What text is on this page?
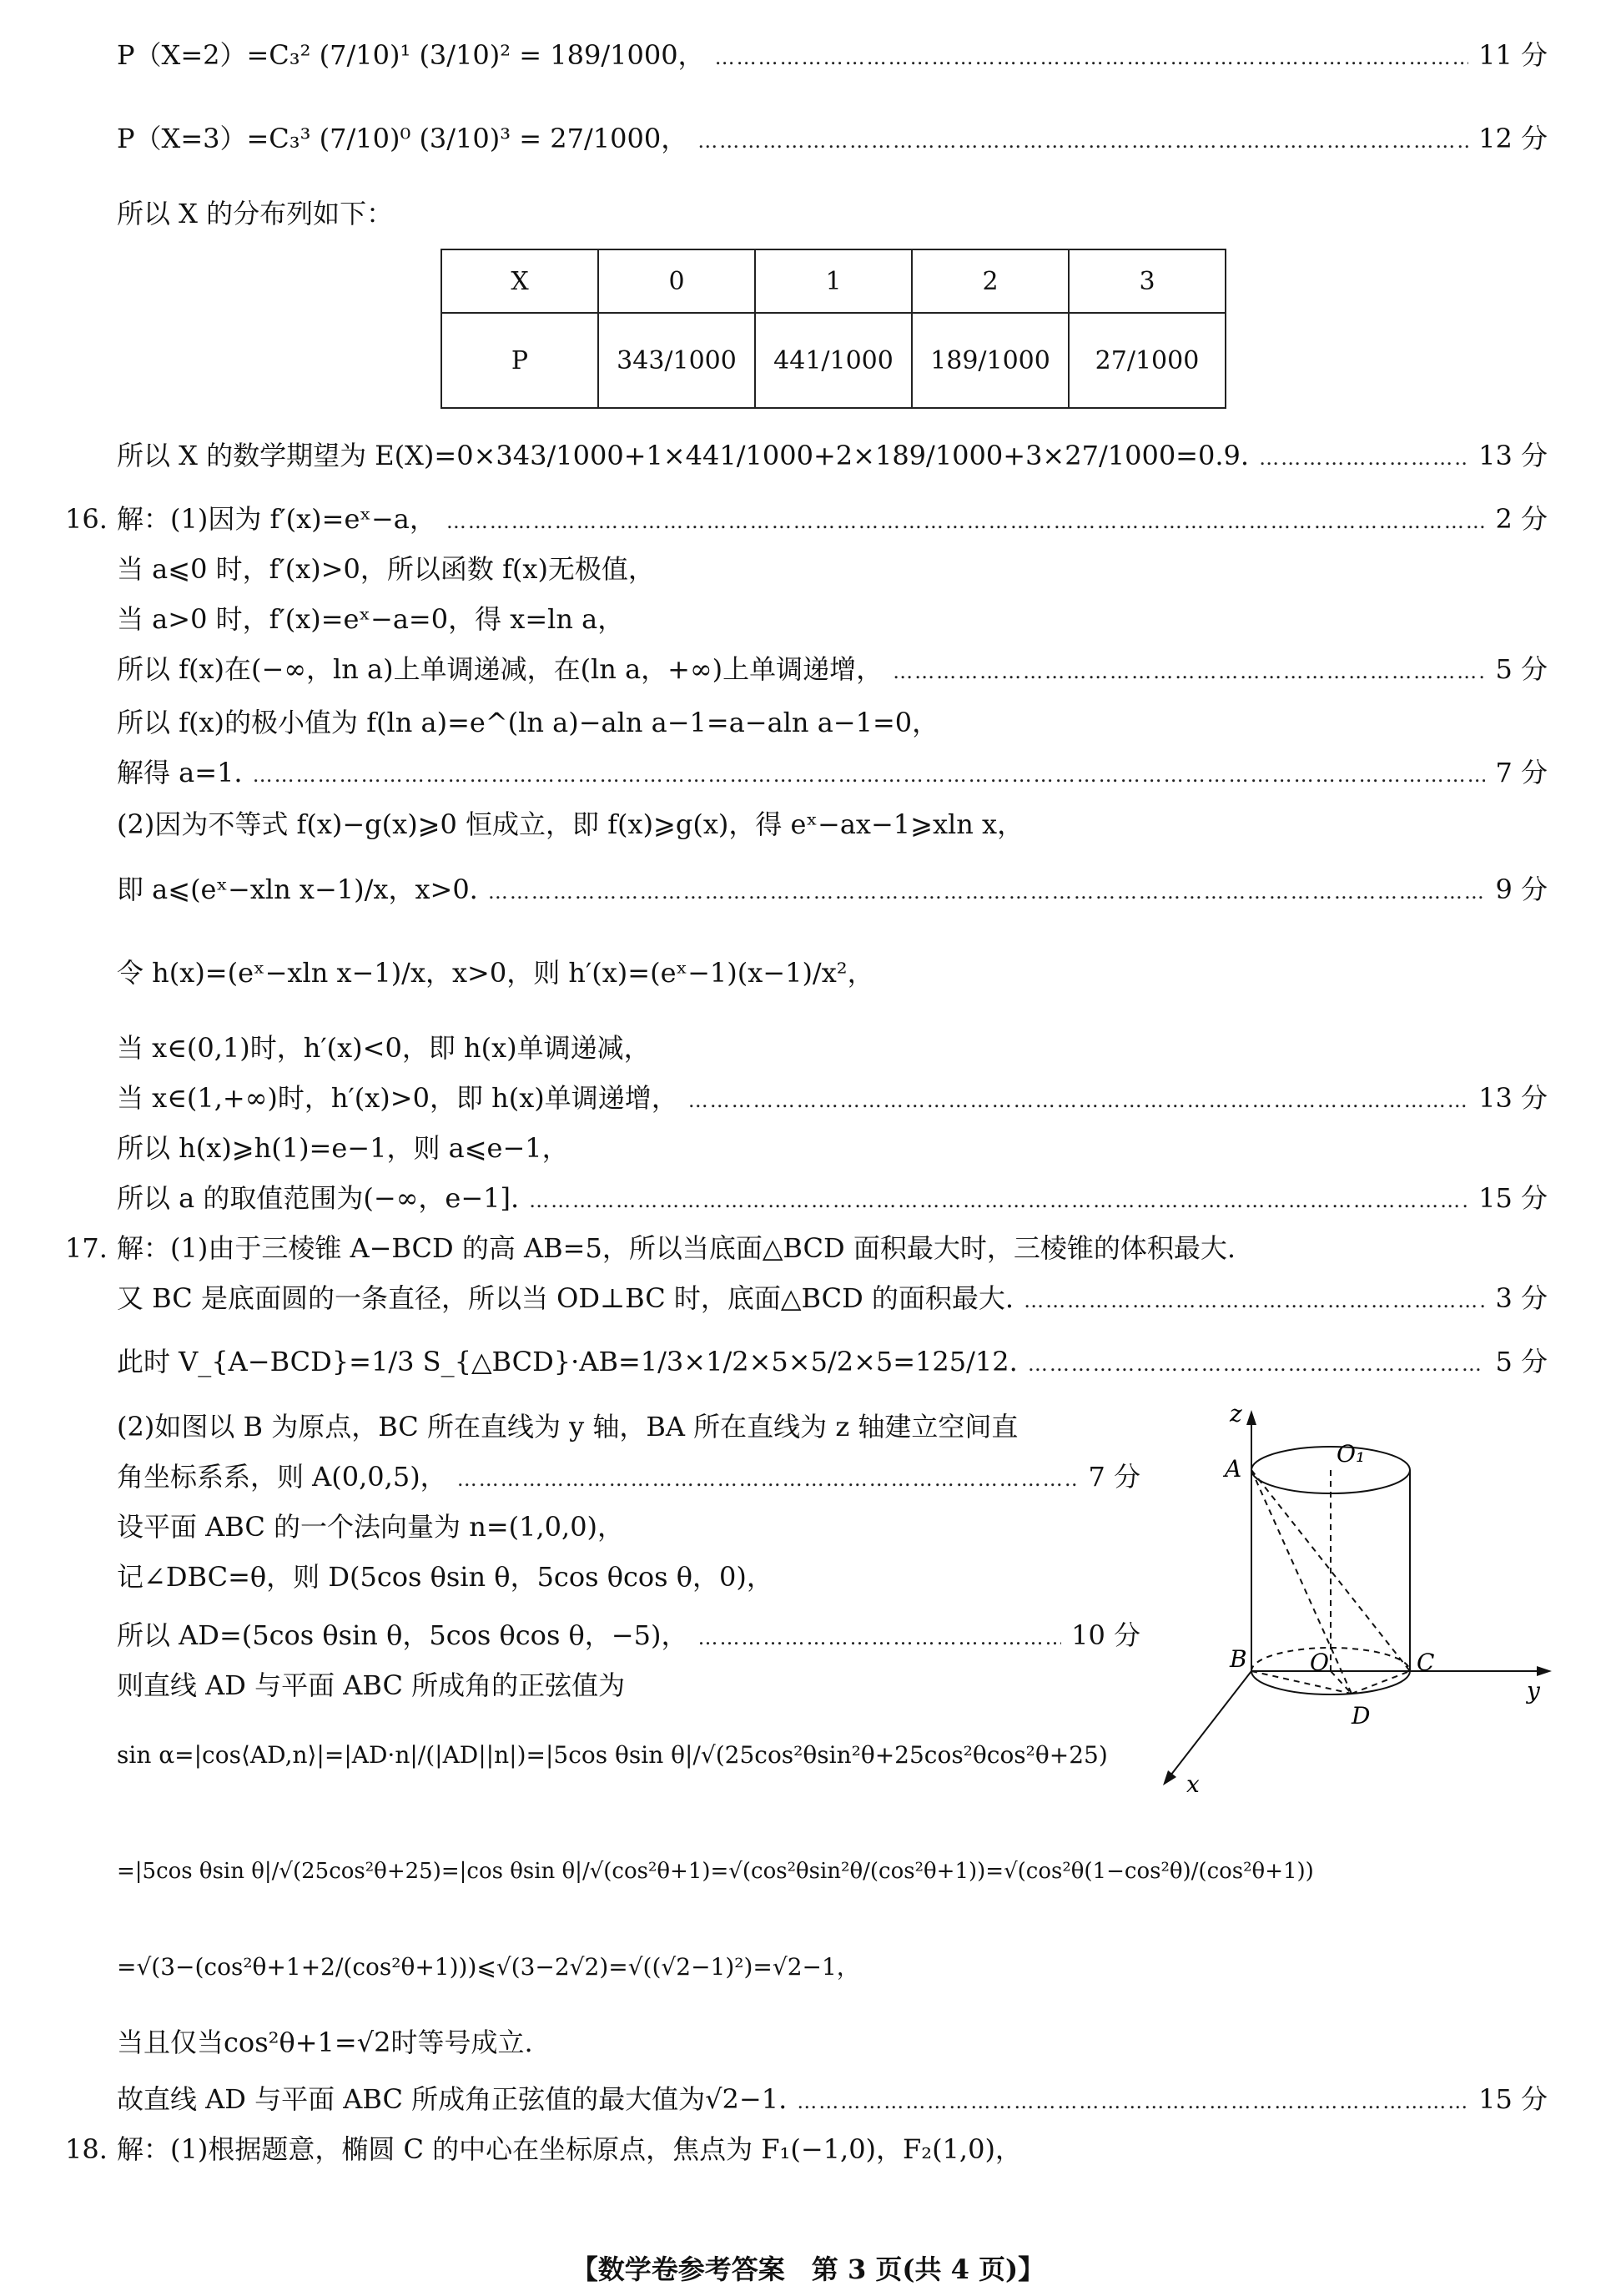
P（X=2）=C₃² (7/10)¹ (3/10)² = 189/1000， ……………………………………………………………………………………………………………………………………………………………………	11 分
P（X=3）=C₃³ (7/10)⁰ (3/10)³ = 27/1000， ……………………………………………………………………………………………………………………………………………………………………	12 分
所以 X 的分布列如下：
X	0	1	2	3
P	343/1000	441/1000	189/1000	27/1000
所以 X 的数学期望为 E(X)=0×343/1000+1×441/1000+2×189/1000+3×27/1000=0.9. ……………………………………………………………………………………………………………………………………………………………………	13 分
16. 解：(1)因为 f′(x)=eˣ−a， ……………………………………………………………………………………………………………………………………………………………………	2 分
当 a⩽0 时，f′(x)>0，所以函数 f(x)无极值，
当 a>0 时，f′(x)=eˣ−a=0，得 x=ln a，
所以 f(x)在(−∞，ln a)上单调递减，在(ln a，+∞)上单调递增， ……………………………………………………………………………………………………………………………………………………………………	5 分
所以 f(x)的极小值为 f(ln a)=e^(ln a)−aln a−1=a−aln a−1=0，
解得 a=1. ……………………………………………………………………………………………………………………………………………………………………	7 分
(2)因为不等式 f(x)−g(x)⩾0 恒成立，即 f(x)⩾g(x)，得 eˣ−ax−1⩾xln x，
即 a⩽(eˣ−xln x−1)/x，x>0. ……………………………………………………………………………………………………………………………………………………………………	9 分
令 h(x)=(eˣ−xln x−1)/x，x>0，则 h′(x)=(eˣ−1)(x−1)/x²，
当 x∈(0,1)时，h′(x)<0，即 h(x)单调递减，
当 x∈(1,+∞)时，h′(x)>0，即 h(x)单调递增， ……………………………………………………………………………………………………………………………………………………………………	13 分
所以 h(x)⩾h(1)=e−1，则 a⩽e−1，
所以 a 的取值范围为(−∞，e−1]. ……………………………………………………………………………………………………………………………………………………………………	15 分
17. 解：(1)由于三棱锥 A−BCD 的高 AB=5，所以当底面△BCD 面积最大时，三棱锥的体积最大.
又 BC 是底面圆的一条直径，所以当 OD⊥BC 时，底面△BCD 的面积最大. ……………………………………………………………………………………………………………………………………………………………………	3 分
此时 V_{A−BCD}=1/3 S_{△BCD}·AB=1/3×1/2×5×5/2×5=125/12. ……………………………………………………………………………………………………………………………………………………………………	5 分
(2)如图以 B 为原点，BC 所在直线为 y 轴，BA 所在直线为 z 轴建立空间直
角坐标系系，则 A(0,0,5)， ……………………………………………………………………………………………………………………………………………………………………	7 分
设平面 ABC 的一个法向量为 n=(1,0,0)，
记∠DBC=θ，则 D(5cos θsin θ，5cos θcos θ，0)，
所以 AD=(5cos θsin θ，5cos θcos θ，−5)， ……………………………………………………………………………………………………………………………………………………………………	10 分
则直线 AD 与平面 ABC 所成角的正弦值为
sin α=|cos⟨AD,n⟩|=|AD·n|/(|AD||n|)=|5cos θsin θ|/√(25cos²θsin²θ+25cos²θcos²θ+25)
=|5cos θsin θ|/√(25cos²θ+25)=|cos θsin θ|/√(cos²θ+1)=√(cos²θsin²θ/(cos²θ+1))=√(cos²θ(1−cos²θ)/(cos²θ+1))
=√(3−(cos²θ+1+2/(cos²θ+1)))⩽√(3−2√2)=√((√2−1)²)=√2−1，
当且仅当cos²θ+1=√2时等号成立.
故直线 AD 与平面 ABC 所成角正弦值的最大值为√2−1. ……………………………………………………………………………………………………………………………………………………………………	15 分
18. 解：(1)根据题意，椭圆 C 的中心在坐标原点，焦点为 F₁(−1,0)，F₂(1,0)，
z
A
O₁
B	O	C
D
y
x
【数学卷参考答案　第 3 页(共 4 页)】
